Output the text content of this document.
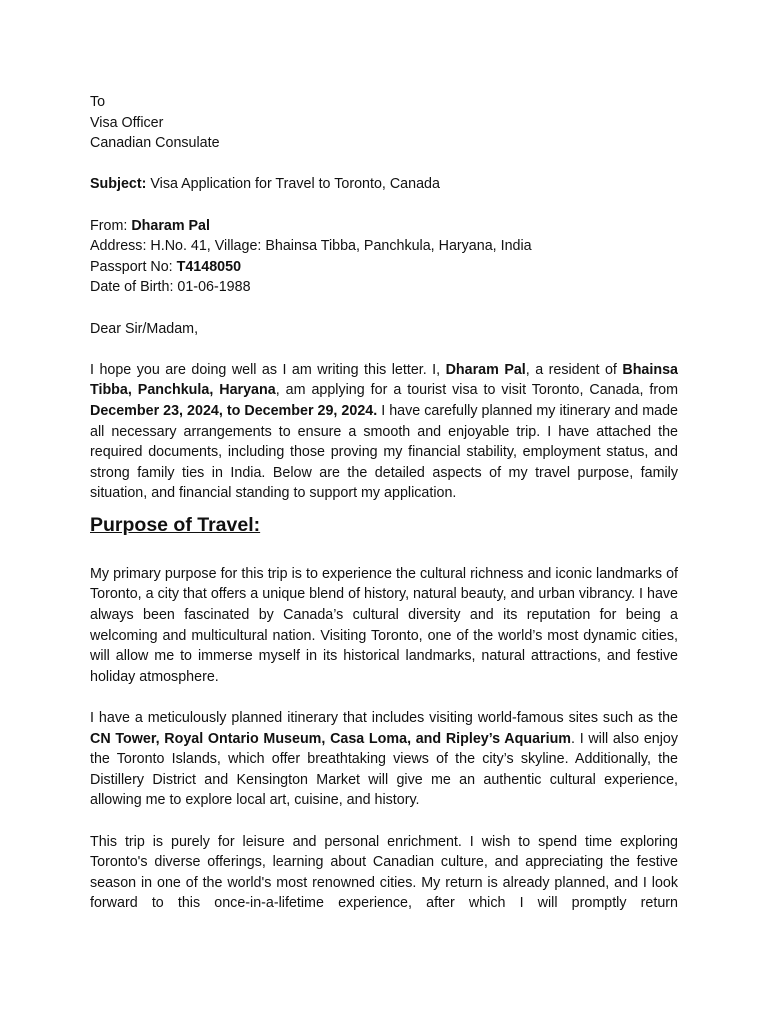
To
Visa Officer
Canadian Consulate
Subject: Visa Application for Travel to Toronto, Canada
From: Dharam Pal
Address: H.No. 41, Village: Bhainsa Tibba, Panchkula, Haryana, India
Passport No: T4148050
Date of Birth: 01-06-1988
Dear Sir/Madam,

I hope you are doing well as I am writing this letter. I, Dharam Pal, a resident of Bhainsa Tibba, Panchkula, Haryana, am applying for a tourist visa to visit Toronto, Canada, from December 23, 2024, to December 29, 2024. I have carefully planned my itinerary and made all necessary arrangements to ensure a smooth and enjoyable trip. I have attached the required documents, including those proving my financial stability, employment status, and strong family ties in India. Below are the detailed aspects of my travel purpose, family situation, and financial standing to support my application.

Purpose of Travel:

My primary purpose for this trip is to experience the cultural richness and iconic landmarks of Toronto, a city that offers a unique blend of history, natural beauty, and urban vibrancy. I have always been fascinated by Canada’s cultural diversity and its reputation for being a welcoming and multicultural nation. Visiting Toronto, one of the world’s most dynamic cities, will allow me to immerse myself in its historical landmarks, natural attractions, and festive holiday atmosphere.

I have a meticulously planned itinerary that includes visiting world-famous sites such as the CN Tower, Royal Ontario Museum, Casa Loma, and Ripley’s Aquarium. I will also enjoy the Toronto Islands, which offer breathtaking views of the city’s skyline. Additionally, the Distillery District and Kensington Market will give me an authentic cultural experience, allowing me to explore local art, cuisine, and history.

This trip is purely for leisure and personal enrichment. I wish to spend time exploring Toronto's diverse offerings, learning about Canadian culture, and appreciating the festive season in one of the world's most renowned cities. My return is already planned, and I look forward to this once-in-a-lifetime experience, after which I will promptly return
